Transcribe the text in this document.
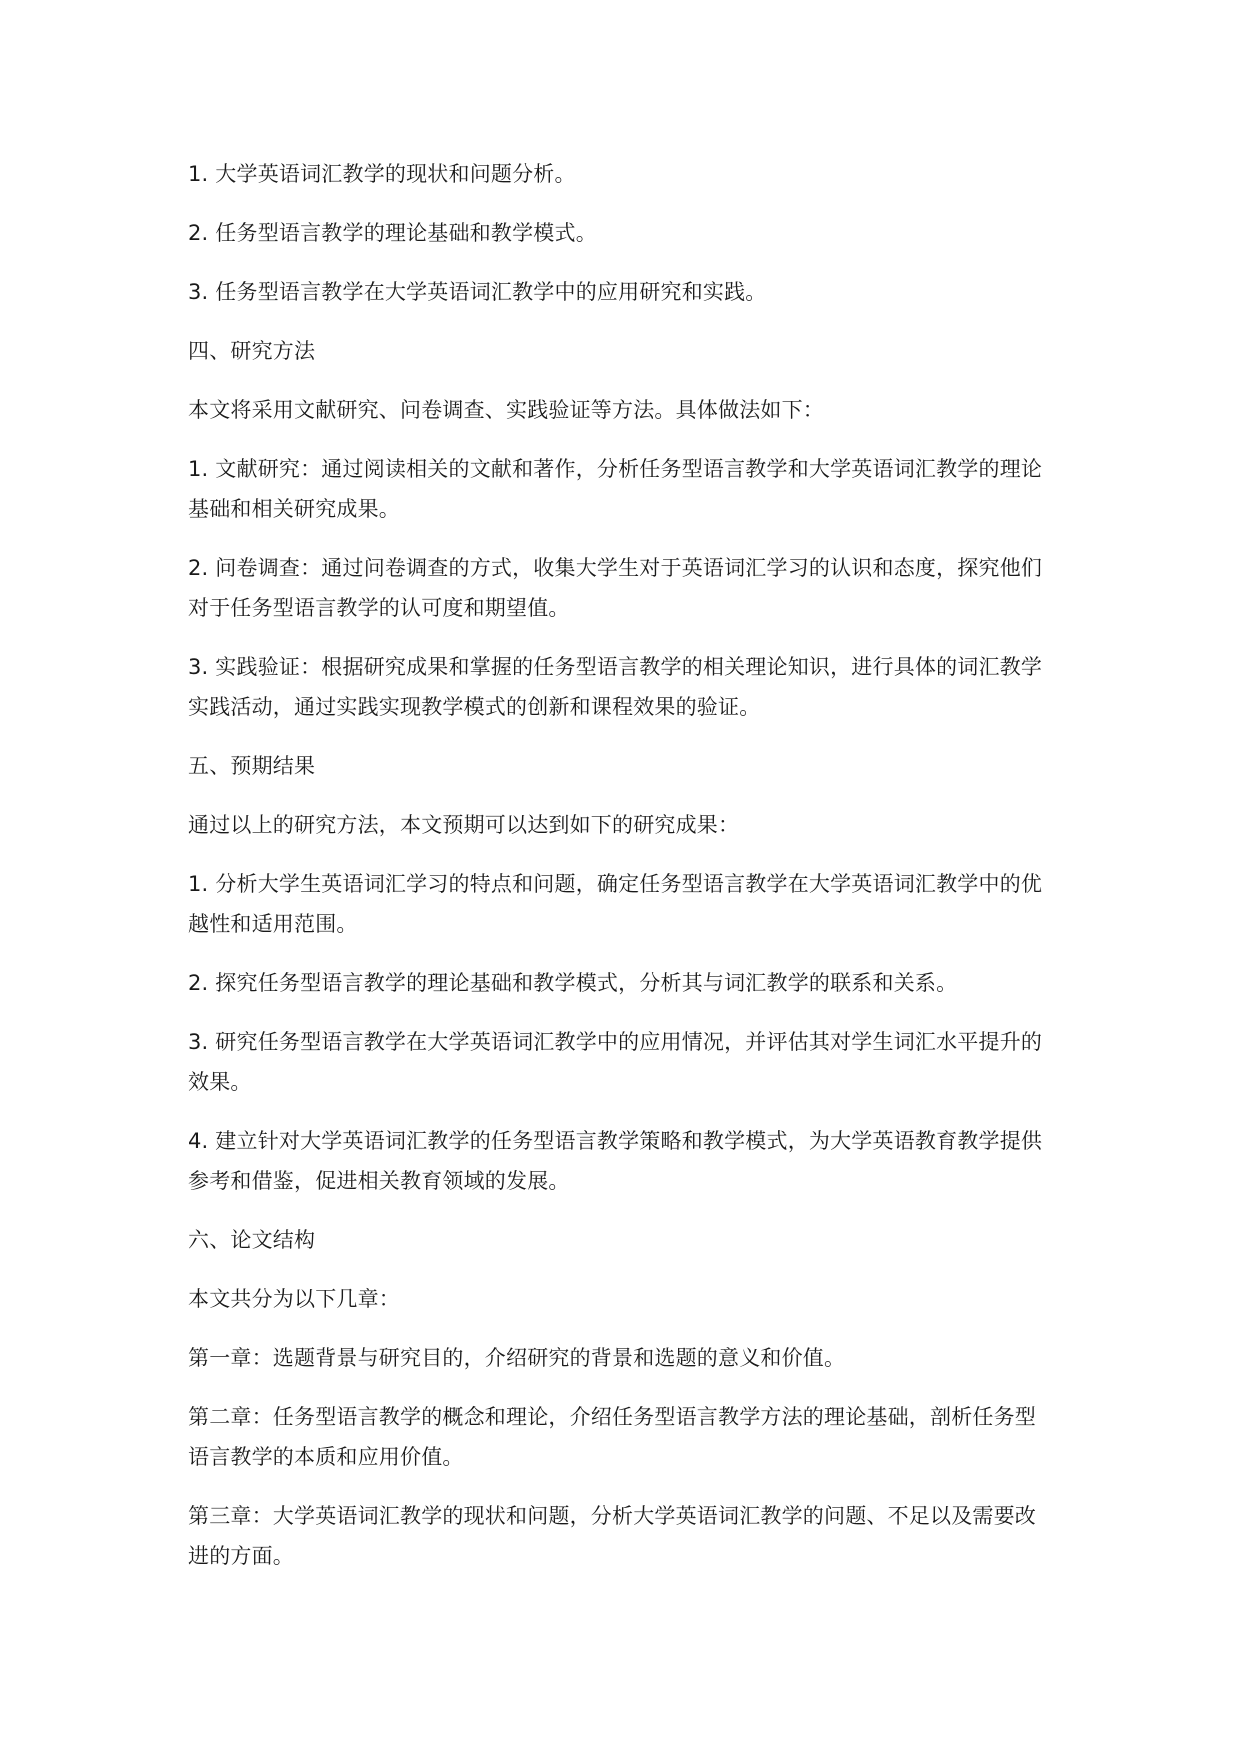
1. 大学英语词汇教学的现状和问题分析。

2. 任务型语言教学的理论基础和教学模式。

3. 任务型语言教学在大学英语词汇教学中的应用研究和实践。

四、研究方法

本文将采用文献研究、问卷调查、实践验证等方法。具体做法如下：

1. 文献研究：通过阅读相关的文献和著作，分析任务型语言教学和大学英语词汇教学的理论基础和相关研究成果。

2. 问卷调查：通过问卷调查的方式，收集大学生对于英语词汇学习的认识和态度，探究他们对于任务型语言教学的认可度和期望值。

3. 实践验证：根据研究成果和掌握的任务型语言教学的相关理论知识，进行具体的词汇教学实践活动，通过实践实现教学模式的创新和课程效果的验证。

五、预期结果

通过以上的研究方法，本文预期可以达到如下的研究成果：

1. 分析大学生英语词汇学习的特点和问题，确定任务型语言教学在大学英语词汇教学中的优 越性和适用范围。

2. 探究任务型语言教学的理论基础和教学模式，分析其与词汇教学的联系和关系。

3. 研究任务型语言教学在大学英语词汇教学中的应用情况，并评估其对学生词汇水平提升的效果。

4. 建立针对大学英语词汇教学的任务型语言教学策略和教学模式，为大学英语教育教学提供 参考和借鉴，促进相关教育领域的发展。

六、论文结构

本文共分为以下几章：

第一章：选题背景与研究目的，介绍研究的背景和选题的意义和价值。

第二章：任务型语言教学的概念和理论，介绍任务型语言教学方法的理论基础，剖析任务型语言教学的本质和应用价值。

第三章：大学英语词汇教学的现状和问题，分析大学英语词汇教学的问题、不足以及需要改进的方面。
